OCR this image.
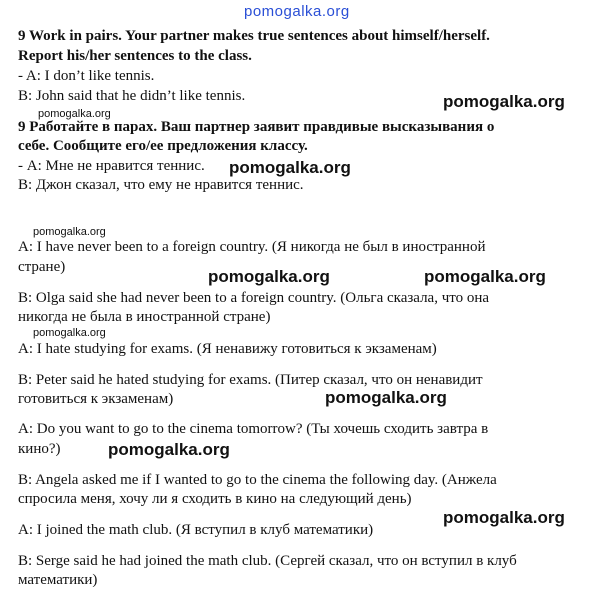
pomogalka.org
9 Work in pairs. Your partner makes true sentences about himself/herself.
Report his/her sentences to the class.
- A: I don’t like tennis.
B: John said that he didn’t like tennis.	pomogalka.org
pomogalka.org
9 Работайте в парах. Ваш партнер заявит правдивые высказывания о
себе. Сообщите его/ее предложения классу.
- А: Мне не нравится теннис.
В: Джон сказал, что ему не нравится теннис.
pomogalka.org
pomogalka.org
A: I have never been to a foreign country. (Я никогда не был в иностранной
стране)	pomogalka.org	pomogalka.org
B: Olga said she had never been to a foreign country. (Ольга сказала, что она
никогда не была в иностранной стране)
pomogalka.org
A: I hate studying for exams. (Я ненавижу готовиться к экзаменам)
B: Peter said he hated studying for exams. (Питер сказал, что он ненавидит
готовиться к экзаменам)	pomogalka.org
A: Do you want to go to the cinema tomorrow? (Ты хочешь сходить завтра в
кино?)	pomogalka.org
B: Angela asked me if I wanted to go to the cinema the following day. (Анжела
спросила меня, хочу ли я сходить в кино на следующий день)
pomogalka.org
A: I joined the math club. (Я вступил в клуб математики)
B: Serge said he had joined the math club. (Сергей сказал, что он вступил в клуб
математики)
